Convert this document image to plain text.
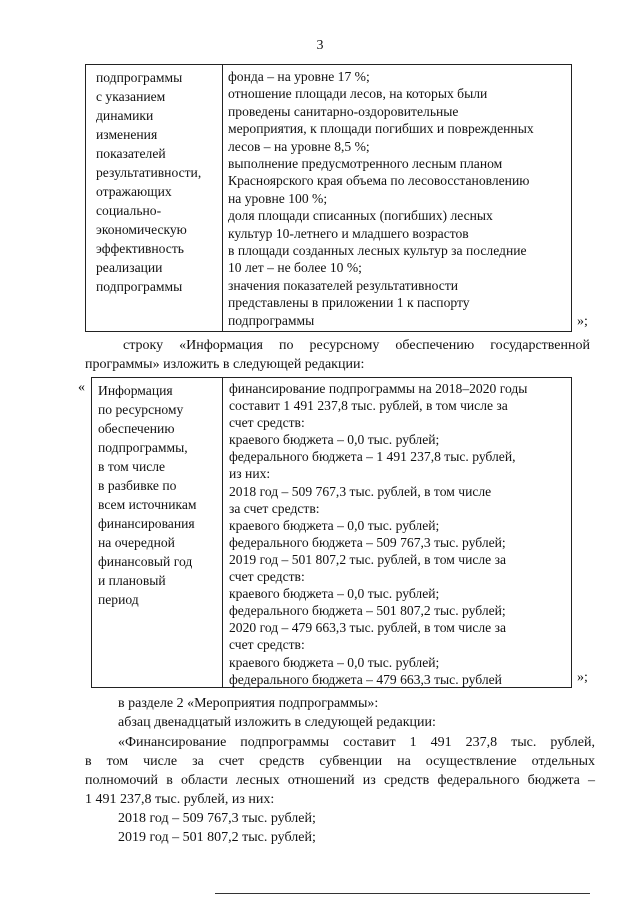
3
подпрограммы
с указанием
динамики
изменения
показателей
результативности,
отражающих
социально-
экономическую
эффективность
реализации
подпрограммы
фонда – на уровне 17 %;
отношение площади лесов, на которых были
проведены санитарно-оздоровительные
мероприятия, к площади погибших и поврежденных
лесов – на уровне 8,5 %;
выполнение предусмотренного лесным планом
Красноярского края объема по лесовосстановлению
на уровне 100 %;
доля площади списанных (погибших) лесных
культур 10-летнего и младшего возрастов
в площади созданных лесных культур за последние
10 лет – не более 10 %;
значения показателей результативности
представлены в приложении 1 к паспорту
подпрограммы	»;
строку «Информация по ресурсному обеспечению государственной
программы» изложить в следующей редакции:
« Информация
по ресурсному
обеспечению
подпрограммы,
в том числе
в разбивке по
всем источникам
финансирования
на очередной
финансовый год
и плановый
период
финансирование подпрограммы на 2018–2020 годы
составит 1 491 237,8 тыс. рублей, в том числе за
счет средств:
краевого бюджета – 0,0 тыс. рублей;
федерального бюджета – 1 491 237,8 тыс. рублей,
из них:
2018 год – 509 767,3 тыс. рублей, в том числе
за счет средств:
краевого бюджета – 0,0 тыс. рублей;
федерального бюджета – 509 767,3 тыс. рублей;
2019 год – 501 807,2 тыс. рублей, в том числе за
счет средств:
краевого бюджета – 0,0 тыс. рублей;
федерального бюджета – 501 807,2 тыс. рублей;
2020 год – 479 663,3 тыс. рублей, в том числе за
счет средств:
краевого бюджета – 0,0 тыс. рублей;
федерального бюджета – 479 663,3 тыс. рублей	»;
в разделе 2 «Мероприятия подпрограммы»:
абзац двенадцатый изложить в следующей редакции:
«Финансирование подпрограммы составит 1 491 237,8 тыс. рублей,
в том числе за счет средств субвенции на осуществление отдельных
полномочий в области лесных отношений из средств федерального бюджета –
1 491 237,8 тыс. рублей, из них:
2018 год – 509 767,3 тыс. рублей;
2019 год – 501 807,2 тыс. рублей;
